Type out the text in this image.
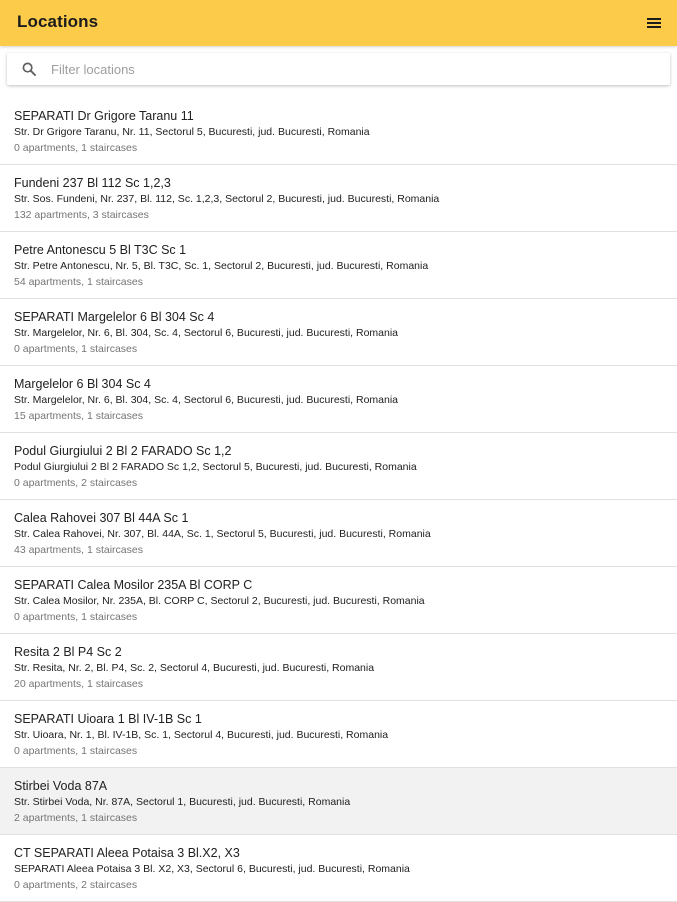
Locations
Filter locations
SEPARATI Dr Grigore Taranu 11
Str. Dr Grigore Taranu, Nr. 11, Sectorul 5, Bucuresti, jud. Bucuresti, Romania
0 apartments, 1 staircases
Fundeni 237 Bl 112 Sc 1,2,3
Str. Sos. Fundeni, Nr. 237, Bl. 112, Sc. 1,2,3, Sectorul 2, Bucuresti, jud. Bucuresti, Romania
132 apartments, 3 staircases
Petre Antonescu 5 Bl T3C Sc 1
Str. Petre Antonescu, Nr. 5, Bl. T3C, Sc. 1, Sectorul 2, Bucuresti, jud. Bucuresti, Romania
54 apartments, 1 staircases
SEPARATI Margelelor 6 Bl 304 Sc 4
Str. Margelelor, Nr. 6, Bl. 304, Sc. 4, Sectorul 6, Bucuresti, jud. Bucuresti, Romania
0 apartments, 1 staircases
Margelelor 6 Bl 304 Sc 4
Str. Margelelor, Nr. 6, Bl. 304, Sc. 4, Sectorul 6, Bucuresti, jud. Bucuresti, Romania
15 apartments, 1 staircases
Podul Giurgiului 2 Bl 2 FARADO Sc 1,2
Podul Giurgiului 2 Bl 2 FARADO Sc 1,2, Sectorul 5, Bucuresti, jud. Bucuresti, Romania
0 apartments, 2 staircases
Calea Rahovei 307 Bl 44A Sc 1
Str. Calea Rahovei, Nr. 307, Bl. 44A, Sc. 1, Sectorul 5, Bucuresti, jud. Bucuresti, Romania
43 apartments, 1 staircases
SEPARATI Calea Mosilor 235A Bl CORP C
Str. Calea Mosilor, Nr. 235A, Bl. CORP C, Sectorul 2, Bucuresti, jud. Bucuresti, Romania
0 apartments, 1 staircases
Resita 2 Bl P4 Sc 2
Str. Resita, Nr. 2, Bl. P4, Sc. 2, Sectorul 4, Bucuresti, jud. Bucuresti, Romania
20 apartments, 1 staircases
SEPARATI Uioara 1 Bl IV-1B Sc 1
Str. Uioara, Nr. 1, Bl. IV-1B, Sc. 1, Sectorul 4, Bucuresti, jud. Bucuresti, Romania
0 apartments, 1 staircases
Stirbei Voda 87A
Str. Stirbei Voda, Nr. 87A, Sectorul 1, Bucuresti, jud. Bucuresti, Romania
2 apartments, 1 staircases
CT SEPARATI Aleea Potaisa 3 Bl.X2, X3
SEPARATI Aleea Potaisa 3 Bl. X2, X3, Sectorul 6, Bucuresti, jud. Bucuresti, Romania
0 apartments, 2 staircases
